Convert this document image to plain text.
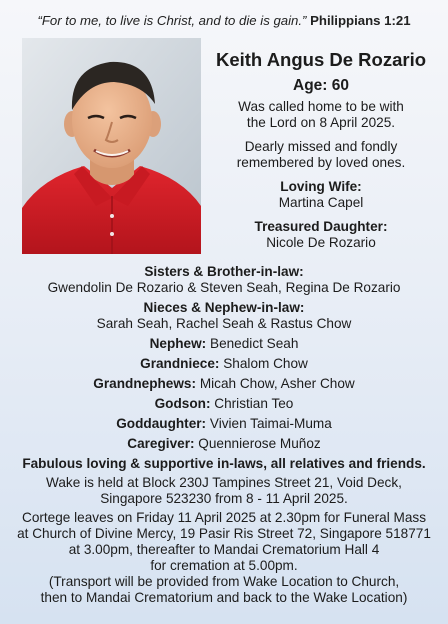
“For to me, to live is Christ, and to die is gain.” Philippians 1:21
Keith Angus De Rozario
Age: 60
Was called home to be with
the Lord on 8 April 2025.
Dearly missed and fondly
remembered by loved ones.
Loving Wife:
Martina Capel
Treasured Daughter:
Nicole De Rozario
Sisters & Brother-in-law:
Gwendolin De Rozario & Steven Seah, Regina De Rozario
Nieces & Nephew-in-law:
Sarah Seah, Rachel Seah & Rastus Chow
Nephew: Benedict Seah
Grandniece: Shalom Chow
Grandnephews: Micah Chow, Asher Chow
Godson: Christian Teo
Goddaughter: Vivien Taimai-Muma
Caregiver: Quennierose Muñoz
Fabulous loving & supportive in-laws, all relatives and friends.
Wake is held at Block 230J Tampines Street 21, Void Deck,
Singapore 523230 from 8 - 11 April 2025.
Cortege leaves on Friday 11 April 2025 at 2.30pm for Funeral Mass
at Church of Divine Mercy, 19 Pasir Ris Street 72, Singapore 518771
at 3.00pm, thereafter to Mandai Crematorium Hall 4
for cremation at 5.00pm.
(Transport will be provided from Wake Location to Church,
then to Mandai Crematorium and back to the Wake Location)
